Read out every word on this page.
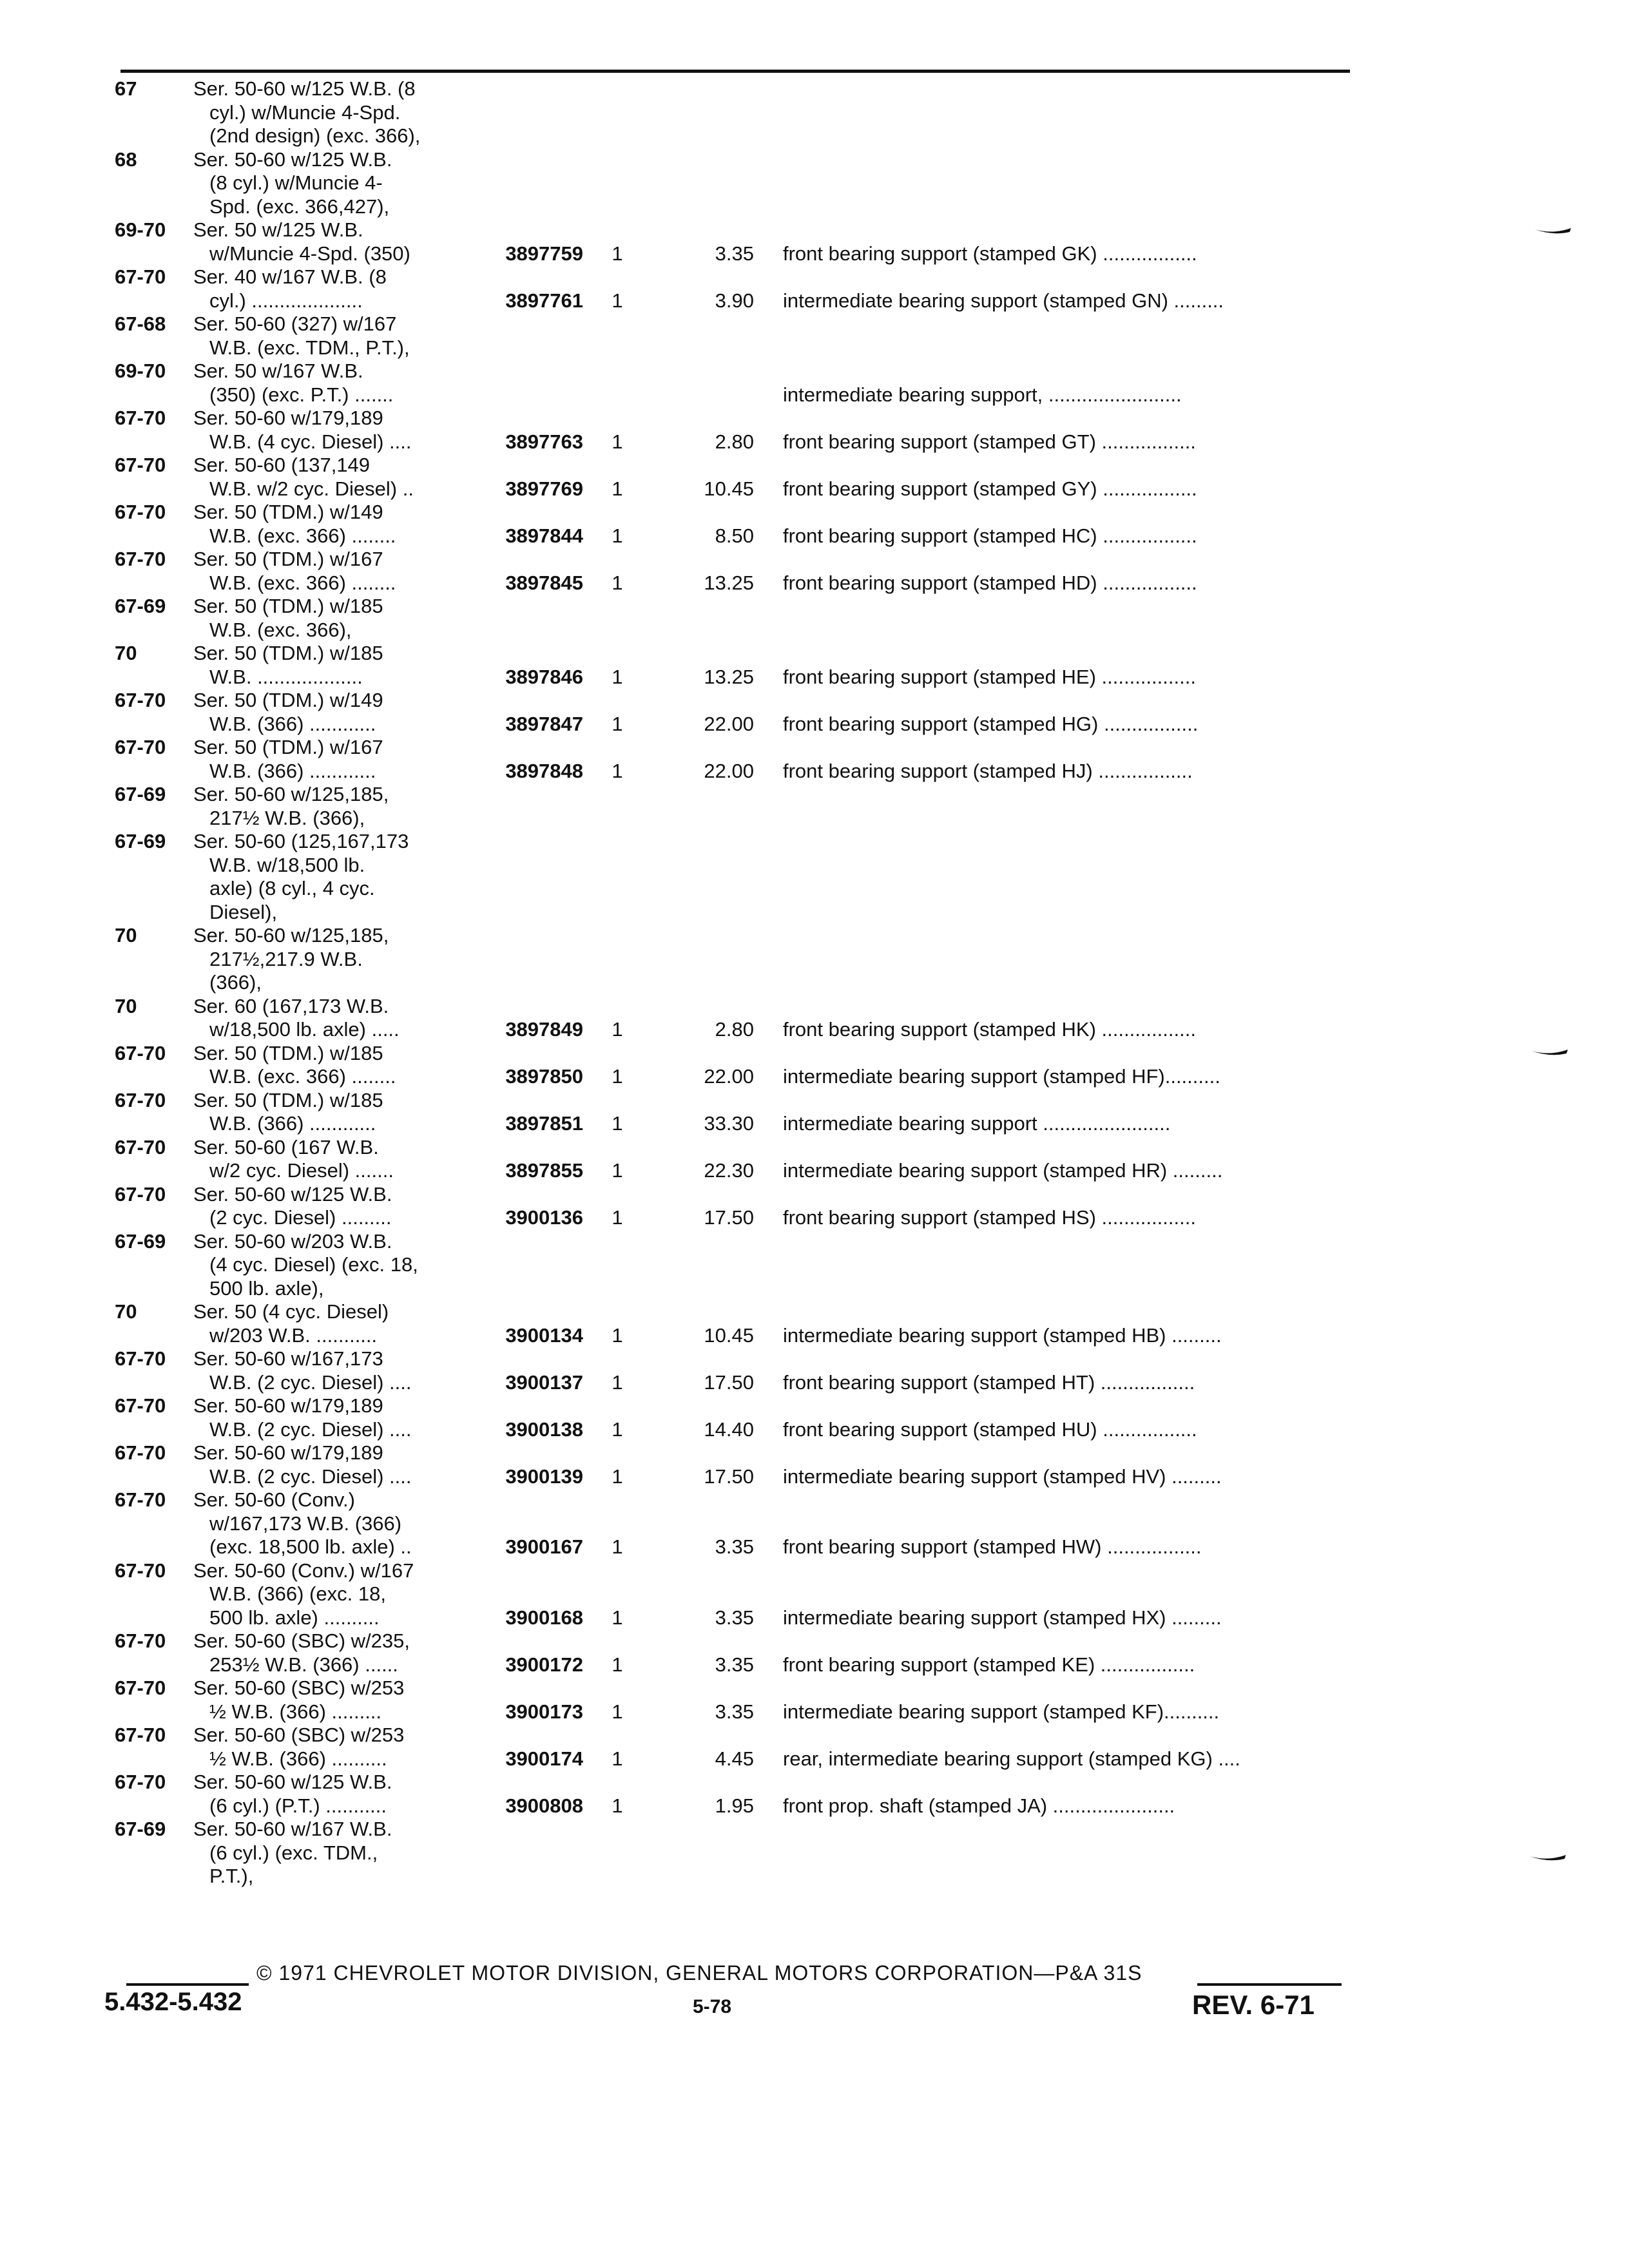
67	Ser. 50-60 w/125 W.B. (8
cyl.) w/Muncie 4-Spd.
(2nd design) (exc. 366),
68	Ser. 50-60 w/125 W.B.
(8 cyl.) w/Muncie 4-
Spd. (exc. 366,427),
69-70 Ser. 50 w/125 W.B.
w/Muncie 4-Spd. (350)	3897759 1	3.35 front bearing support (stamped GK) .................
67-70 Ser. 40 w/167 W.B. (8
cyl.) ....................	3897761 1	3.90 intermediate bearing support (stamped GN) .........
67-68 Ser. 50-60 (327) w/167
W.B. (exc. TDM., P.T.),
69-70 Ser. 50 w/167 W.B.
(350) (exc. P.T.) .......	intermediate bearing support, ........................
67-70 Ser. 50-60 w/179,189
W.B. (4 cyc. Diesel) ....	3897763 1	2.80 front bearing support (stamped GT) .................
67-70 Ser. 50-60 (137,149
W.B. w/2 cyc. Diesel) ..	3897769 1	10.45 front bearing support (stamped GY) .................
67-70 Ser. 50 (TDM.) w/149
W.B. (exc. 366) ........	3897844 1	8.50 front bearing support (stamped HC) .................
67-70 Ser. 50 (TDM.) w/167
W.B. (exc. 366) ........	3897845 1	13.25 front bearing support (stamped HD) .................
67-69 Ser. 50 (TDM.) w/185
W.B. (exc. 366),
70	Ser. 50 (TDM.) w/185
W.B. ...................	3897846 1	13.25 front bearing support (stamped HE) .................
67-70 Ser. 50 (TDM.) w/149
W.B. (366) ............	3897847 1	22.00 front bearing support (stamped HG) .................
67-70 Ser. 50 (TDM.) w/167
W.B. (366) ............	3897848 1	22.00 front bearing support (stamped HJ) .................
67-69 Ser. 50-60 w/125,185,
217½ W.B. (366),
67-69 Ser. 50-60 (125,167,173
W.B. w/18,500 lb.
axle) (8 cyl., 4 cyc.
Diesel),
70	Ser. 50-60 w/125,185,
217½,217.9 W.B.
(366),
70	Ser. 60 (167,173 W.B.
w/18,500 lb. axle) .....	3897849 1	2.80 front bearing support (stamped HK) .................
67-70 Ser. 50 (TDM.) w/185
W.B. (exc. 366) ........	3897850 1	22.00 intermediate bearing support (stamped HF)..........
67-70 Ser. 50 (TDM.) w/185
W.B. (366) ............	3897851 1	33.30 intermediate bearing support .......................
67-70 Ser. 50-60 (167 W.B.
w/2 cyc. Diesel) .......	3897855 1	22.30 intermediate bearing support (stamped HR) .........
67-70 Ser. 50-60 w/125 W.B.
(2 cyc. Diesel) .........	3900136 1	17.50 front bearing support (stamped HS) .................
67-69 Ser. 50-60 w/203 W.B.
(4 cyc. Diesel) (exc. 18,
500 lb. axle),
70	Ser. 50 (4 cyc. Diesel)
w/203 W.B. ...........	3900134 1	10.45 intermediate bearing support (stamped HB) .........
67-70 Ser. 50-60 w/167,173
W.B. (2 cyc. Diesel) ....	3900137 1	17.50 front bearing support (stamped HT) .................
67-70 Ser. 50-60 w/179,189
W.B. (2 cyc. Diesel) ....	3900138 1	14.40 front bearing support (stamped HU) .................
67-70 Ser. 50-60 w/179,189
W.B. (2 cyc. Diesel) ....	3900139 1	17.50 intermediate bearing support (stamped HV) .........
67-70 Ser. 50-60 (Conv.)
w/167,173 W.B. (366)
(exc. 18,500 lb. axle) ..	3900167 1	3.35 front bearing support (stamped HW) .................
67-70 Ser. 50-60 (Conv.) w/167
W.B. (366) (exc. 18,
500 lb. axle) ..........	3900168 1	3.35 intermediate bearing support (stamped HX) .........
67-70 Ser. 50-60 (SBC) w/235,
253½ W.B. (366) ......	3900172 1	3.35 front bearing support (stamped KE) .................
67-70 Ser. 50-60 (SBC) w/253
½ W.B. (366) .........	3900173 1	3.35 intermediate bearing support (stamped KF)..........
67-70 Ser. 50-60 (SBC) w/253
½ W.B. (366) ..........	3900174 1	4.45 rear, intermediate bearing support (stamped KG) ....
67-70 Ser. 50-60 w/125 W.B.
(6 cyl.) (P.T.) ...........	3900808 1	1.95 front prop. shaft (stamped JA) ......................
67-69 Ser. 50-60 w/167 W.B.
(6 cyl.) (exc. TDM.,
P.T.),
© 1971 CHEVROLET MOTOR DIVISION, GENERAL MOTORS CORPORATION—P&A 31S
5.432-5.432	5-78	REV. 6-71
